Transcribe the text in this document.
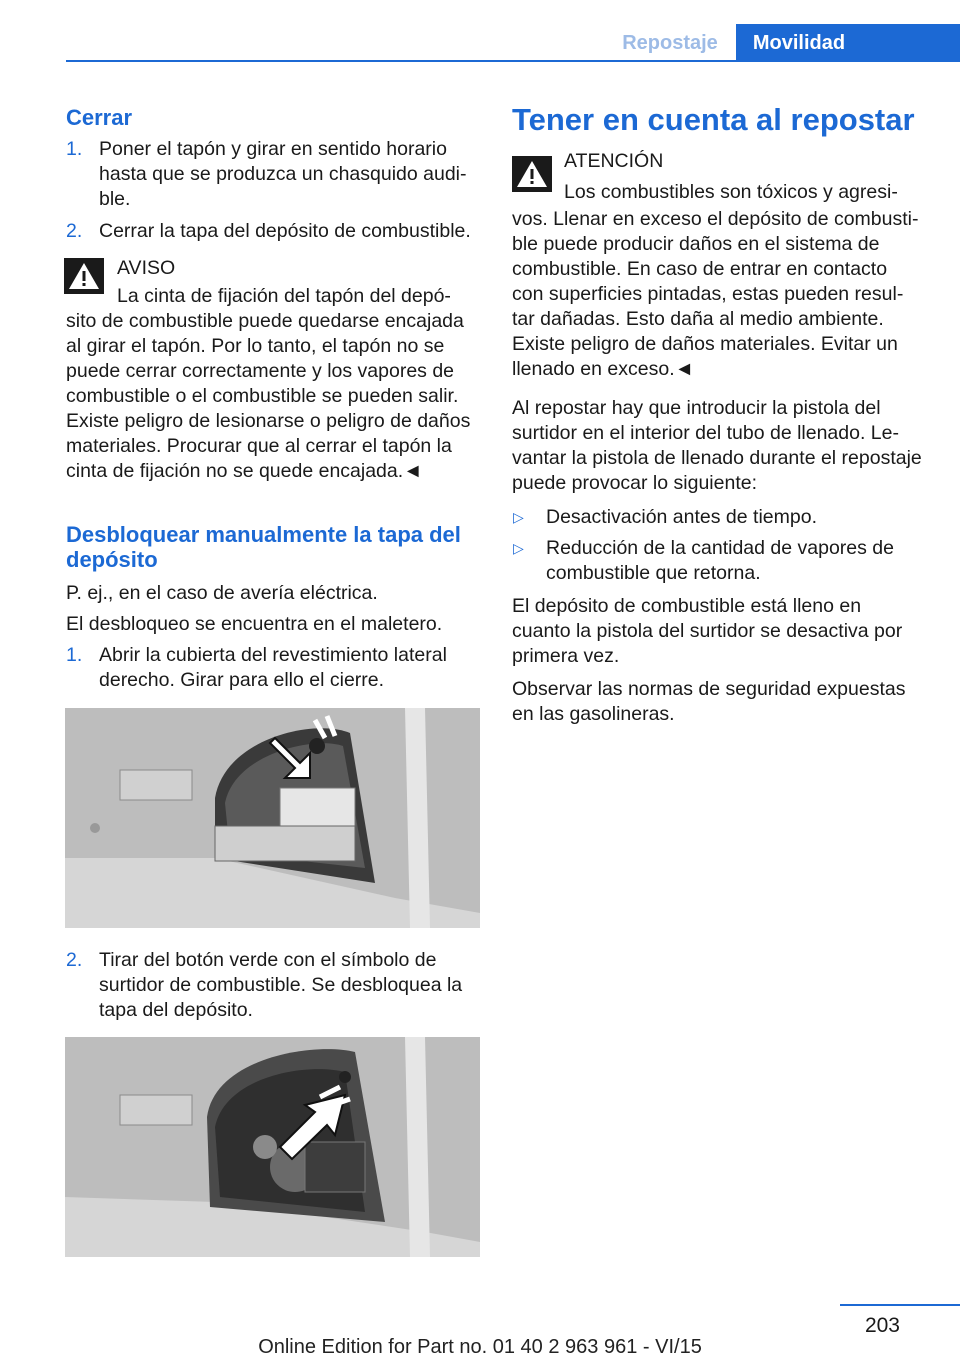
Repostaje	Movilidad
Cerrar
1. Poner el tapón y girar en sentido horario
hasta que se produzca un chasquido audi‐
ble.
2. Cerrar la tapa del depósito de combustible.
AVISO
La cinta de fijación del tapón del depó‐
sito de combustible puede quedarse encajada
al girar el tapón. Por lo tanto, el tapón no se
puede cerrar correctamente y los vapores de
combustible o el combustible se pueden salir.
Existe peligro de lesionarse o peligro de daños
materiales. Procurar que al cerrar el tapón la
cinta de fijación no se quede encajada.◄
Desbloquear manualmente la tapa del
depósito
P. ej., en el caso de avería eléctrica.
El desbloqueo se encuentra en el maletero.
1. Abrir la cubierta del revestimiento lateral
derecho. Girar para ello el cierre.
2. Tirar del botón verde con el símbolo de
surtidor de combustible. Se desbloquea la
tapa del depósito.
Tener en cuenta al repostar
ATENCIÓN
Los combustibles son tóxicos y agresi‐
vos. Llenar en exceso el depósito de combusti‐
ble puede producir daños en el sistema de
combustible. En caso de entrar en contacto
con superficies pintadas, estas pueden resul‐
tar dañadas. Esto daña al medio ambiente.
Existe peligro de daños materiales. Evitar un
llenado en exceso.◄
Al repostar hay que introducir la pistola del
surtidor en el interior del tubo de llenado. Le‐
vantar la pistola de llenado durante el repostaje
puede provocar lo siguiente:
▷ Desactivación antes de tiempo.
▷ Reducción de la cantidad de vapores de
combustible que retorna.
El depósito de combustible está lleno en
cuanto la pistola del surtidor se desactiva por
primera vez.
Observar las normas de seguridad expuestas
en las gasolineras.
203
Online Edition for Part no. 01 40 2 963 961 - VI/15
